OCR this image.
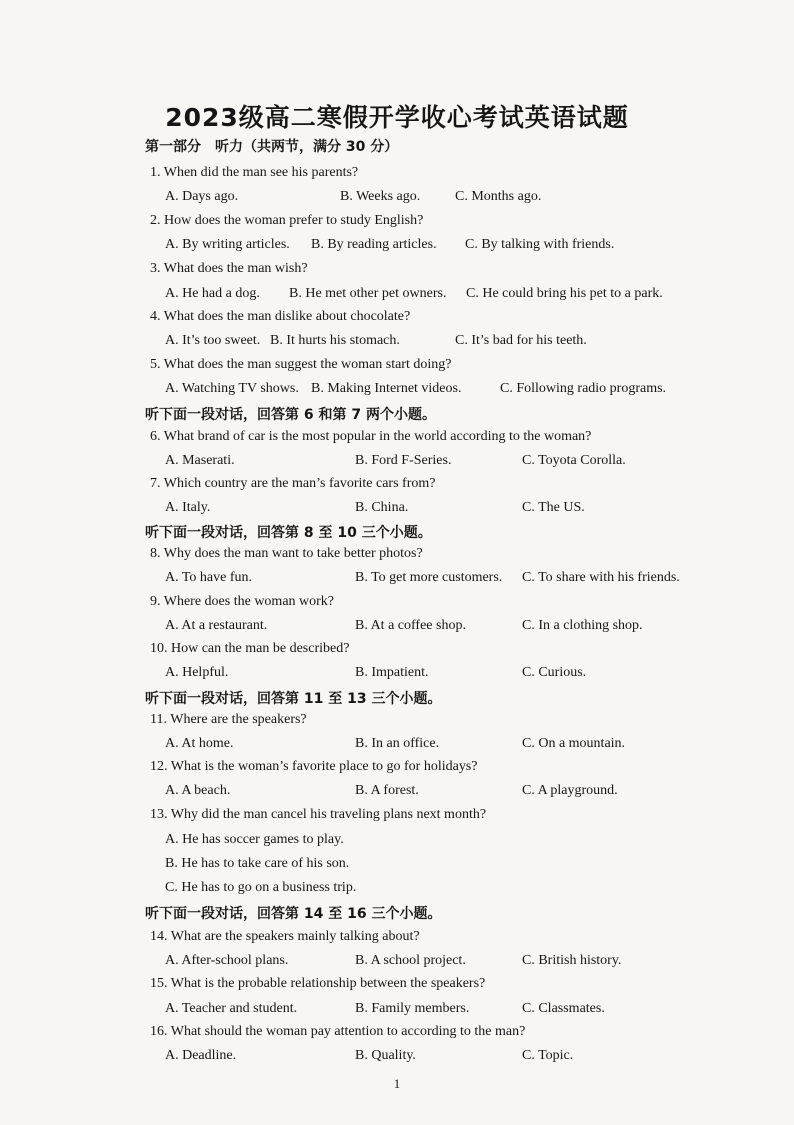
2023级高二寒假开学收心考试英语试题
第一部分　听力（共两节，满分 30 分）
1. When did the man see his parents?
A. Days ago.	B. Weeks ago. C. Months ago.
2. How does the woman prefer to study English?
A. By writing articles. B. By reading articles. C. By talking with friends.
3. What does the man wish?
A. He had a dog. B. He met other pet owners. C. He could bring his pet to a park.
4. What does the man dislike about chocolate?
A. It’s too sweet. B. It hurts his stomach.	C. It’s bad for his teeth.
5. What does the man suggest the woman start doing?
A. Watching TV shows. B. Making Internet videos.	C. Following radio programs.
听下面一段对话，回答第 6 和第 7 两个小题。
6. What brand of car is the most popular in the world according to the woman?
A. Maserati.	B. Ford F-Series.	C. Toyota Corolla.
7. Which country are the man’s favorite cars from?
A. Italy.	B. China.	C. The US.
听下面一段对话，回答第 8 至 10 三个小题。
8. Why does the man want to take better photos?
A. To have fun.	B. To get more customers. C. To share with his friends.
9. Where does the woman work?
A. At a restaurant.	B. At a coffee shop.	C. In a clothing shop.
10. How can the man be described?
A. Helpful.	B. Impatient.	C. Curious.
听下面一段对话，回答第 11 至 13 三个小题。
11. Where are the speakers?
A. At home.	B. In an office.	C. On a mountain.
12. What is the woman’s favorite place to go for holidays?
A. A beach.	B. A forest.	C. A playground.
13. Why did the man cancel his traveling plans next month?
A. He has soccer games to play.
B. He has to take care of his son.
C. He has to go on a business trip.
听下面一段对话，回答第 14 至 16 三个小题。
14. What are the speakers mainly talking about?
A. After-school plans.	B. A school project.	C. British history.
15. What is the probable relationship between the speakers?
A. Teacher and student.	B. Family members.	C. Classmates.
16. What should the woman pay attention to according to the man?
A. Deadline.	B. Quality.	C. Topic.
1
